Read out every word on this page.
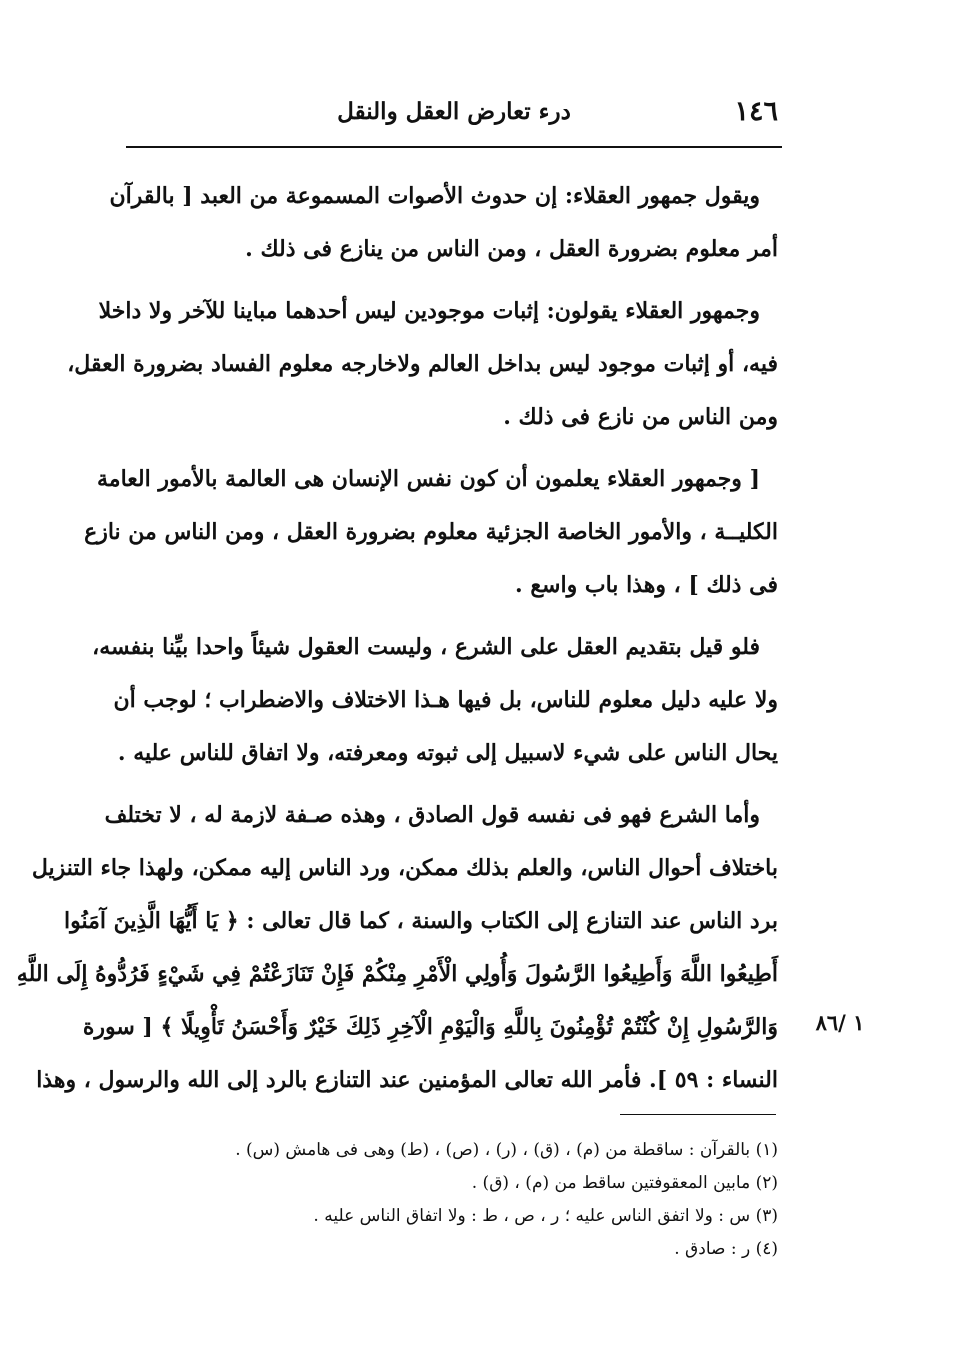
١٤٦
درء تعارض العقل والنقل
ويقول جمهور العقلاء: إن حدوث الأصوات المسموعة من العبد [ بالقرآن
أمر معلوم بضرورة العقل ، ومن الناس من ينازع فى ذلك .
وجمهور العقلاء يقولون: إثبات موجودين ليس أحدهما مباينا للآخر ولا داخلا
فيه، أو إثبات موجود ليس بداخل العالم ولاخارجه معلوم الفساد بضرورة العقل،
ومن الناس من نازع فى ذلك .
[ وجمهور العقلاء يعلمون أن كون نفس الإنسان هى العالمة بالأمور العامة
الكليــة ، والأمور الخاصة الجزئية معلوم بضرورة العقل ، ومن الناس من نازع
فى ذلك ] ، وهذا باب واسع .
فلو قيل بتقديم العقل على الشرع ، وليست العقول شيئاً واحدا بيِّنا بنفسه،
ولا عليه دليل معلوم للناس، بل فيها هـذا الاختلاف والاضطراب ؛ لوجب أن
يحال الناس على شيء لاسبيل إلى ثبوته ومعرفته، ولا اتفاق للناس عليه .
وأما الشرع فهو فى نفسه قول الصادق ، وهذه صـفة لازمة له ، لا تختلف
باختلاف أحوال الناس، والعلم بذلك ممكن، ورد الناس إليه ممكن، ولهذا جاء التنزيل
برد الناس عند التنازع إلى الكتاب والسنة ، كما قال تعالى : ﴿ يَا أَيُّهَا الَّذِينَ آمَنُوا
أَطِيعُوا اللَّهَ وَأَطِيعُوا الرَّسُولَ وَأُولِي الْأَمْرِ مِنْكُمْ فَإِنْ تَنَازَعْتُمْ فِي شَيْءٍ فَرُدُّوهُ إِلَى اللَّهِ
وَالرَّسُولِ إِنْ كُنْتُمْ تُؤْمِنُونَ بِاللَّهِ وَالْيَوْمِ الْآخِرِ ذَلِكَ خَيْرٌ وَأَحْسَنُ تَأْوِيلًا ﴾ [ سورة
النساء : ٥٩ ]. فأمر الله تعالى المؤمنين عند التنازع بالرد إلى الله والرسول ، وهذا
١ /٨٦
(١) بالقرآن : ساقطة من (م) ، (ق) ، (ر) ، (ص) ، (ط) وهى فى هامش (س) .
(٢) مابين المعقوفتين ساقط من (م) ، (ق) .
(٣) س : ولا اتفق الناس عليه ؛ ر ، ص ، ط : ولا اتفاق الناس عليه .
(٤) ر : صادق .
